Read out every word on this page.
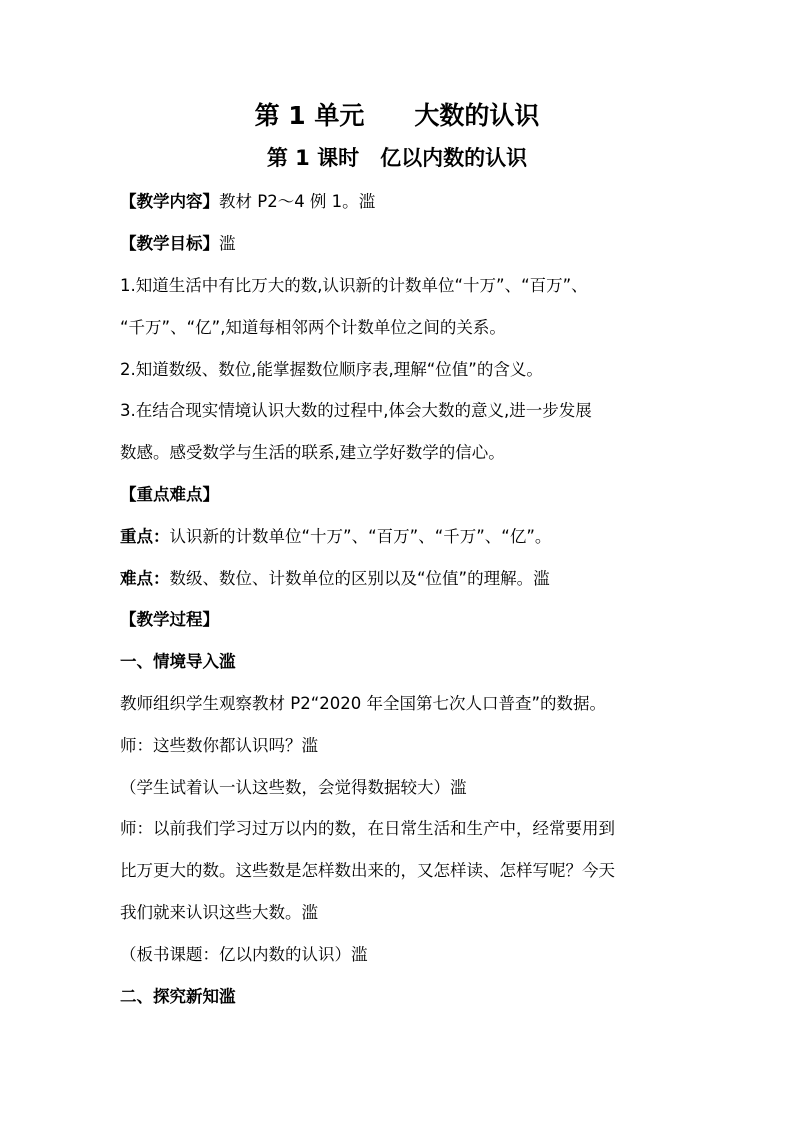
第 1 单元　　大数的认识
第 1 课时　亿以内数的认识
【教学内容】教材 P2～4 例 1。滥
【教学目标】滥
1.知道生活中有比万大的数,认识新的计数单位“十万”、“百万”、
“千万”、“亿”,知道每相邻两个计数单位之间的关系。
2.知道数级、数位,能掌握数位顺序表,理解“位值”的含义。
3.在结合现实情境认识大数的过程中,体会大数的意义,进一步发展
数感。感受数学与生活的联系,建立学好数学的信心。
【重点难点】
重点：认识新的计数单位“十万”、“百万”、“千万”、“亿”。
难点：数级、数位、计数单位的区别以及“位值”的理解。滥
【教学过程】
一、情境导入滥
教师组织学生观察教材 P2“2020 年全国第七次人口普查”的数据。
师：这些数你都认识吗？滥
（学生试着认一认这些数，会觉得数据较大）滥
师：以前我们学习过万以内的数，在日常生活和生产中，经常要用到
比万更大的数。这些数是怎样数出来的，又怎样读、怎样写呢？今天
我们就来认识这些大数。滥
（板书课题：亿以内数的认识）滥
二、探究新知滥
